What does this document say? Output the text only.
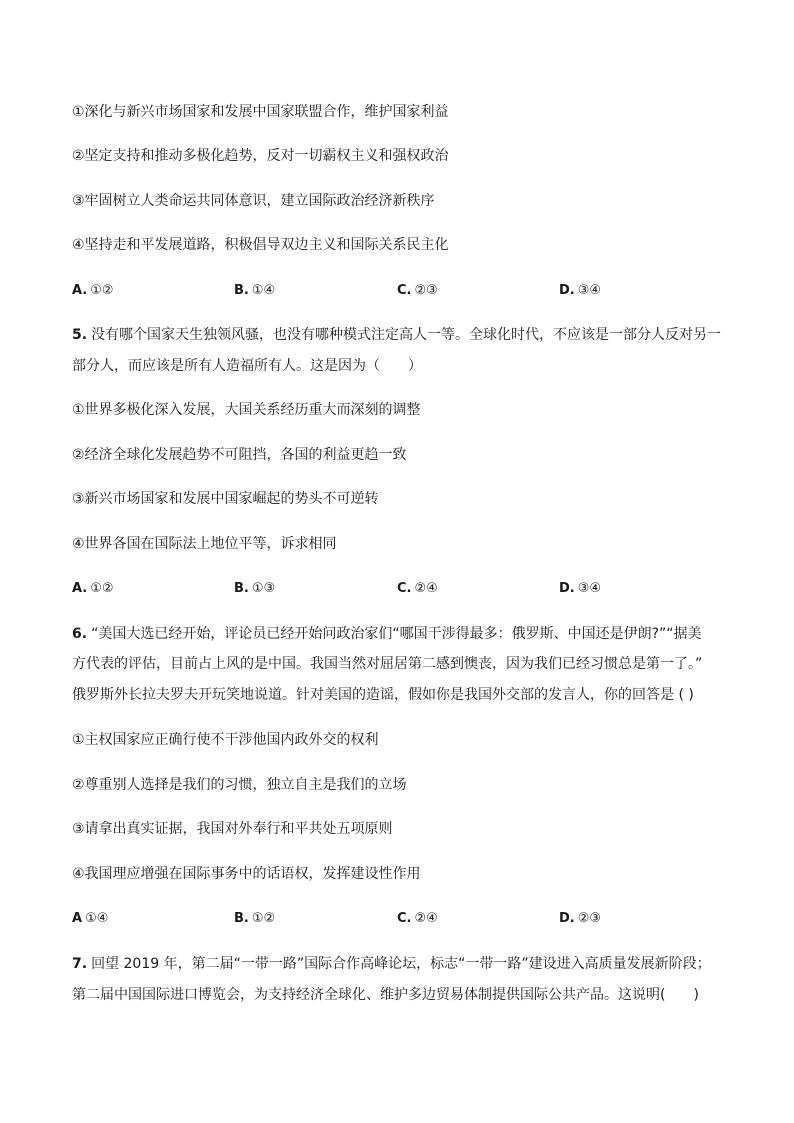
①深化与新兴市场国家和发展中国家联盟合作，维护国家利益
②坚定支持和推动多极化趋势，反对一切霸权主义和强权政治
③牢固树立人类命运共同体意识，建立国际政治经济新秩序
④坚持走和平发展道路，积极倡导双边主义和国际关系民主化
A. ①②	B. ①④	C. ②③	D. ③④
5. 没有哪个国家天生独领风骚，也没有哪种模式注定高人一等。全球化时代，不应该是一部分人反对另一
部分人，而应该是所有人造福所有人。这是因为（　　）
①世界多极化深入发展，大国关系经历重大而深刻的调整
②经济全球化发展趋势不可阻挡，各国的利益更趋一致
③新兴市场国家和发展中国家崛起的势头不可逆转
④世界各国在国际法上地位平等，诉求相同
A. ①②	B. ①③	C. ②④	D. ③④
6. “美国大选已经开始，评论员已经开始问政治家们“哪国干涉得最多：俄罗斯、中国还是伊朗?”“据美
方代表的评估，目前占上风的是中国。我国当然对屈居第二感到懊丧，因为我们已经习惯总是第一了。”
俄罗斯外长拉夫罗夫开玩笑地说道。针对美国的造谣，假如你是我国外交部的发言人，你的回答是 ( )
①主权国家应正确行使不干涉他国内政外交的权利
②尊重别人选择是我们的习惯，独立自主是我们的立场
③请拿出真实证据，我国对外奉行和平共处五项原则
④我国理应增强在国际事务中的话语权，发挥建设性作用
A ①④	B. ①②	C. ②④	D. ②③
7. 回望 2019 年，第二届“一带一路”国际合作高峰论坛，标志“一带一路”建设进入高质量发展新阶段；
第二届中国国际进口博览会，为支持经济全球化、维护多边贸易体制提供国际公共产品。这说明(　　)
